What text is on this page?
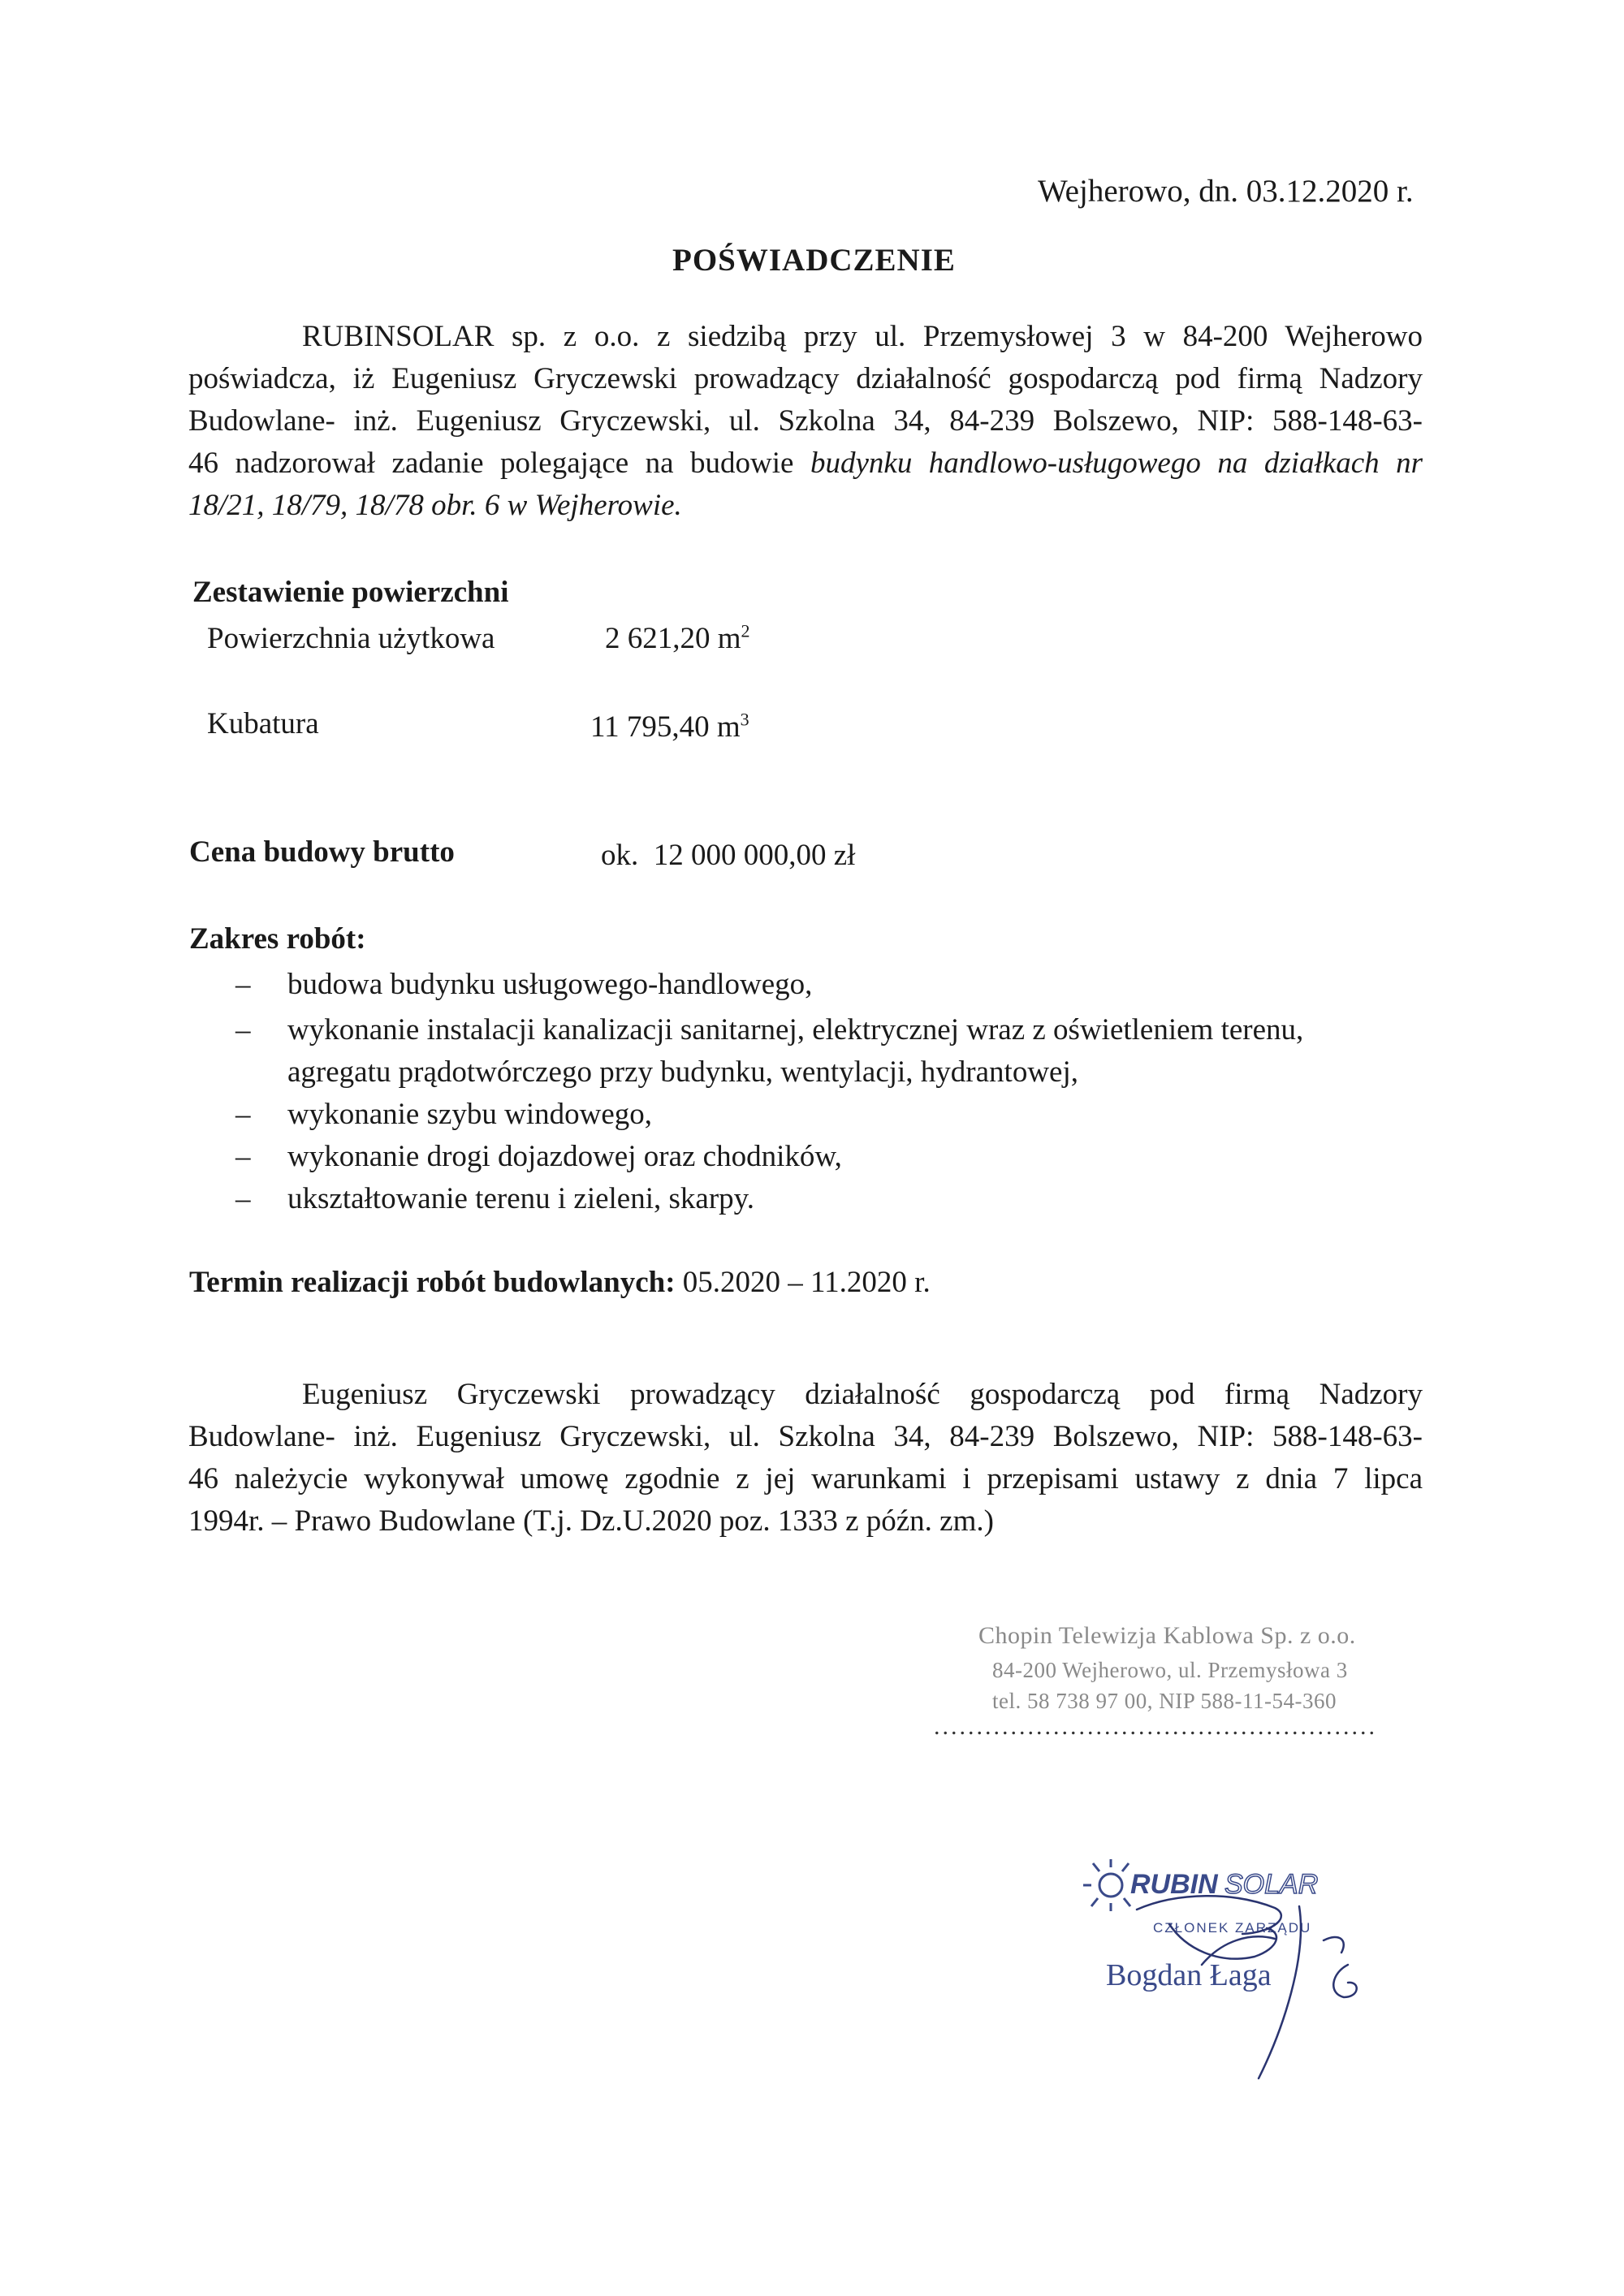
Wejherowo, dn. 03.12.2020 r.
POŚWIADCZENIE
RUBINSOLAR sp. z o.o. z siedzibą przy ul. Przemysłowej 3 w 84-200 Wejherowo
poświadcza, iż Eugeniusz Gryczewski prowadzący działalność gospodarczą pod firmą Nadzory
Budowlane- inż. Eugeniusz Gryczewski, ul. Szkolna 34, 84-239 Bolszewo, NIP: 588-148-63-
46 nadzorował zadanie polegające na budowie budynku handlowo-usługowego na działkach nr
18/21, 18/79, 18/78 obr. 6 w Wejherowie.
Zestawienie powierzchni
Powierzchnia użytkowa	2 621,20 $m^2$
Kubatura	11 795,40 $m^3$
Cena budowy brutto	ok.  12 000 000,00 zł
Zakres robót:
– budowa budynku usługowego-handlowego,
– wykonanie instalacji kanalizacji sanitarnej, elektrycznej wraz z oświetleniem terenu,
agregatu prądotwórczego przy budynku, wentylacji, hydrantowej,
– wykonanie szybu windowego,
– wykonanie drogi dojazdowej oraz chodników,
– ukształtowanie terenu i zieleni, skarpy.
Termin realizacji robót budowlanych: 05.2020 – 11.2020 r.
Eugeniusz Gryczewski prowadzący działalność gospodarczą pod firmą Nadzory
Budowlane- inż. Eugeniusz Gryczewski, ul. Szkolna 34, 84-239 Bolszewo, NIP: 588-148-63-
46 należycie wykonywał umowę zgodnie z jej warunkami i przepisami ustawy z dnia 7 lipca
1994r. – Prawo Budowlane (T.j. Dz.U.2020 poz. 1333 z późn. zm.)
Chopin Telewizja Kablowa Sp. z o.o.
84-200 Wejherowo, ul. Przemysłowa 3
tel. 58 738 97 00, NIP 588-11-54-360
....................................................
RUBIN SOLAR
CZŁONEK ZARZĄDU
Bogdan Łaga
